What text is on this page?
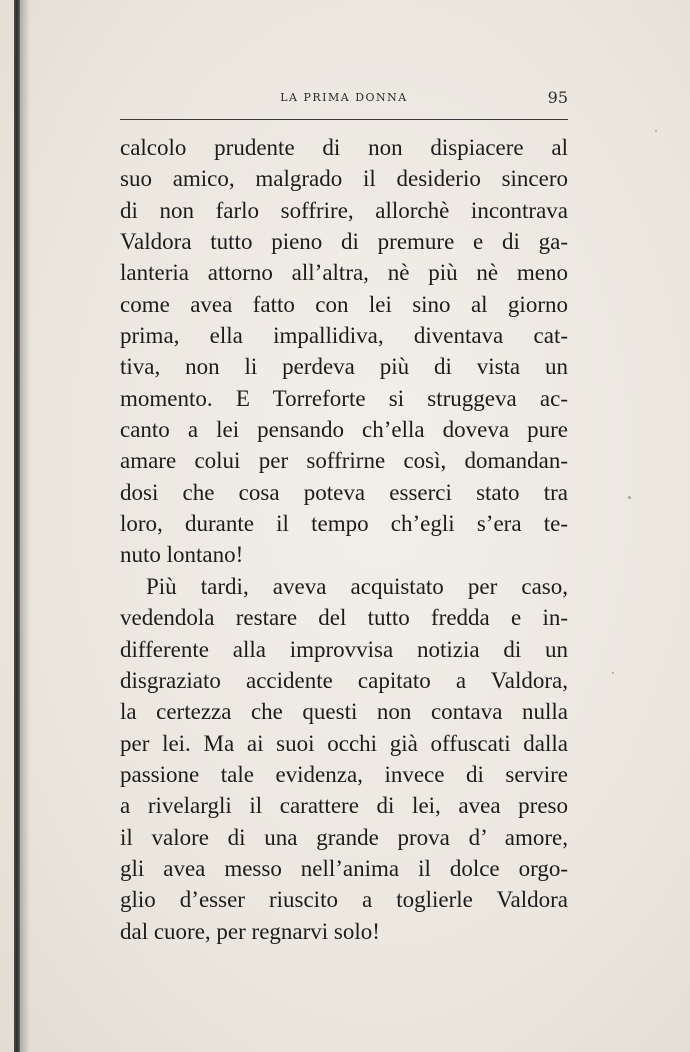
LA PRIMA DONNA	95
calcolo prudente di non dispiacere al
suo amico, malgrado il desiderio sincero
di non farlo soffrire, allorchè incontrava
Valdora tutto pieno di premure e di ga-
lanteria attorno all’altra, nè più nè meno
come avea fatto con lei sino al giorno
prima, ella impallidiva, diventava cat-
tiva, non li perdeva più di vista un
momento. E Torreforte si struggeva ac-
canto a lei pensando ch’ella doveva pure
amare colui per soffrirne così, domandan-
dosi che cosa poteva esserci stato tra
loro, durante il tempo ch’egli s’era te-
nuto lontano!
Più tardi, aveva acquistato per caso,
vedendola restare del tutto fredda e in-
differente alla improvvisa notizia di un
disgraziato accidente capitato a Valdora,
la certezza che questi non contava nulla
per lei. Ma ai suoi occhi già offuscati dalla
passione tale evidenza, invece di servire
a rivelargli il carattere di lei, avea preso
il valore di una grande prova d’ amore,
gli avea messo nell’anima il dolce orgo-
glio d’esser riuscito a toglierle Valdora
dal cuore, per regnarvi solo!
